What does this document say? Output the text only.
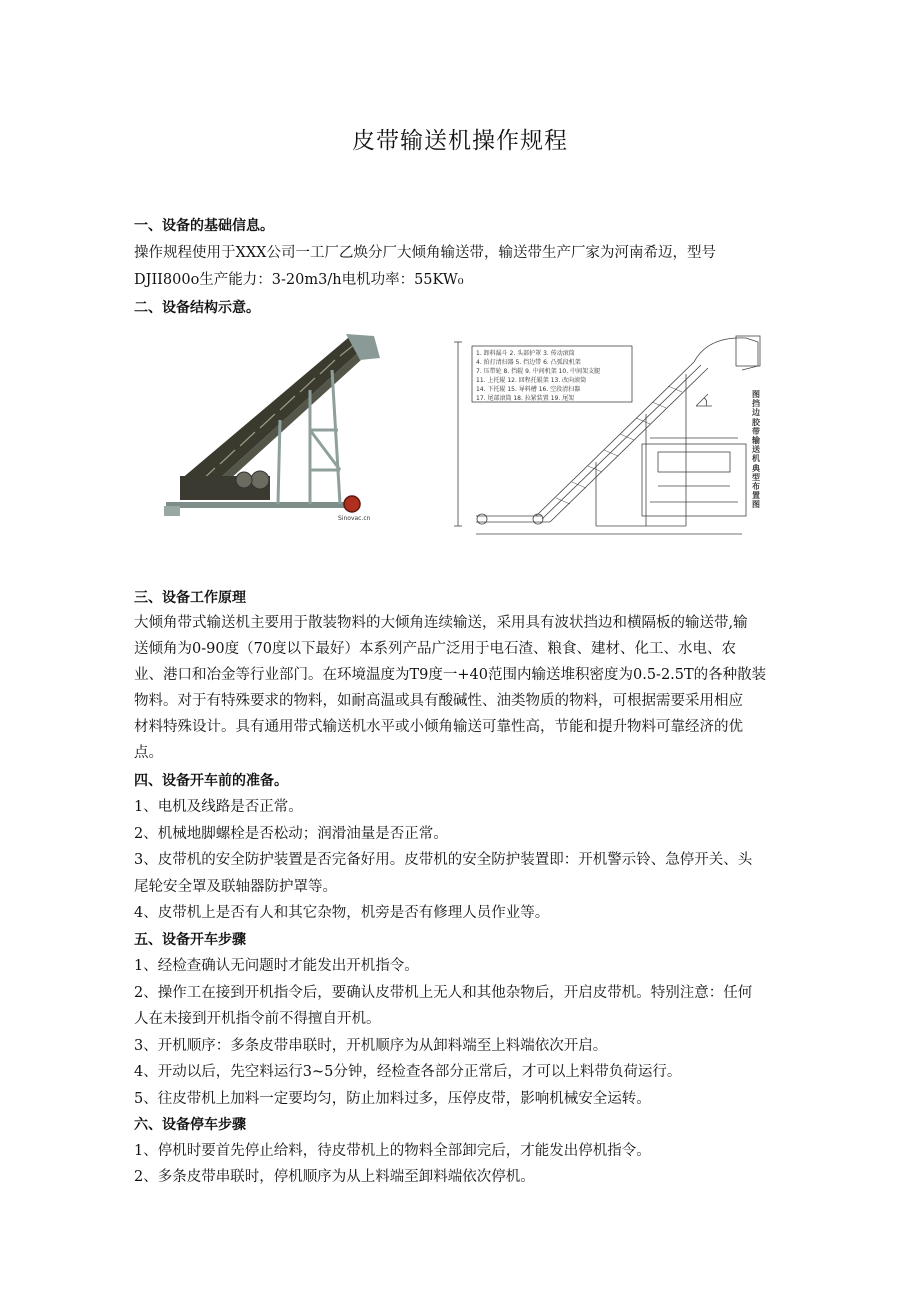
皮带输送机操作规程
一、设备的基础信息。
操作规程使用于XXX公司一工厂乙焕分厂大倾角输送带，输送带生产厂家为河南希迈，型号
DJII800o生产能力：3-20m3/h电机功率：55KW₀
二、设备结构示意。
Sinovac.cn
1. 卸料漏斗 2. 头部护罩 3. 传动滚筒
4. 拍打清扫器 5. 挡边带 6. 凸弧段机架
7. 压带轮 8. 挡辊 9. 中间机架 10. 中间架支腿
11. 上托辊 12. 回程托辊架 13. 改向滚筒
14. 下托辊 15. 导料槽 16. 空段清扫器
17. 尾部滚筒 18. 拉紧装置 19. 尾架	图挡边胶带输送机典型布置图
三、设备工作原理
大倾角带式输送机主要用于散装物料的大倾角连续输送，采用具有波状挡边和横隔板的输送带,输
送倾角为0-90度（70度以下最好）本系列产品广泛用于电石渣、粮食、建材、化工、水电、农
业、港口和冶金等行业部门。在环境温度为T9度一+40范围内输送堆积密度为0.5-2.5T的各种散装
物料。对于有特殊要求的物料，如耐高温或具有酸碱性、油类物质的物料，可根据需要采用相应
材料特殊设计。具有通用带式输送机水平或小倾角输送可靠性高，节能和提升物料可靠经济的优
点。
四、设备开车前的准备。
1、电机及线路是否正常。
2、机械地脚螺栓是否松动；润滑油量是否正常。
3、皮带机的安全防护装置是否完备好用。皮带机的安全防护装置即：开机警示铃、急停开关、头
尾轮安全罩及联轴器防护罩等。
4、皮带机上是否有人和其它杂物，机旁是否有修理人员作业等。
五、设备开车步骤
1、经检查确认无问题时才能发出开机指令。
2、操作工在接到开机指令后，要确认皮带机上无人和其他杂物后，开启皮带机。特别注意：任何
人在未接到开机指令前不得擅自开机。
3、开机顺序：多条皮带串联时，开机顺序为从卸料端至上料端依次开启。
4、开动以后，先空料运行3~5分钟，经检查各部分正常后，才可以上料带负荷运行。
5、往皮带机上加料一定要均匀，防止加料过多，压停皮带，影响机械安全运转。
六、设备停车步骤
1、停机时要首先停止给料，待皮带机上的物料全部卸完后，才能发出停机指令。
2、多条皮带串联时，停机顺序为从上料端至卸料端依次停机。
